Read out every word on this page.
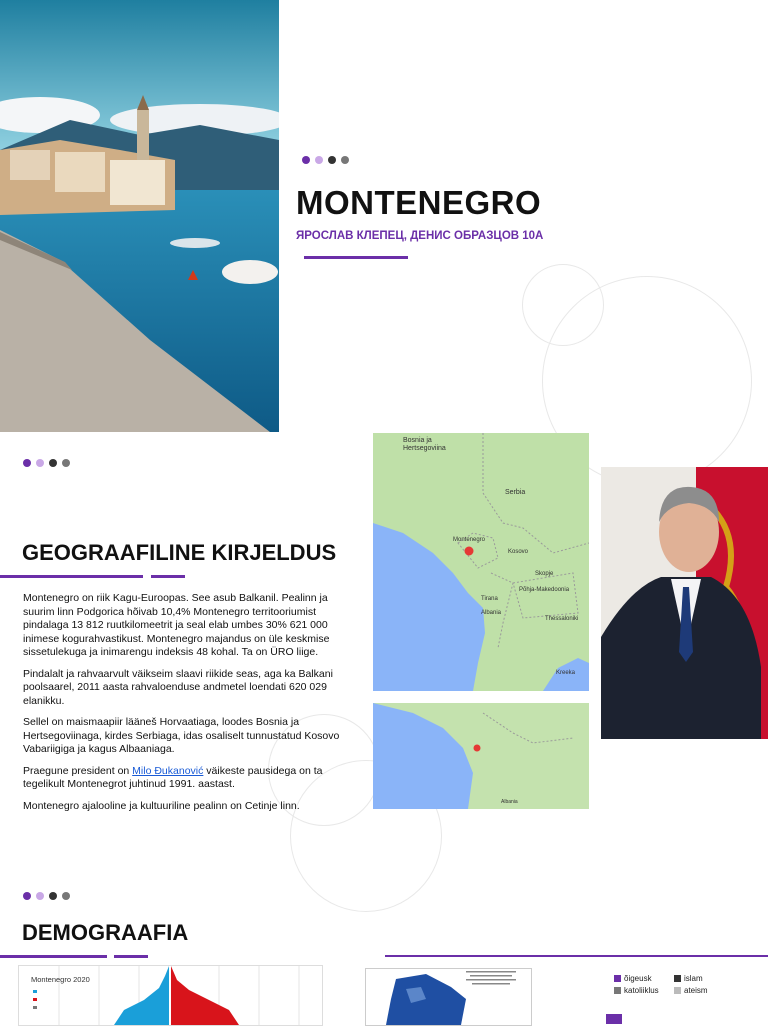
MONTENEGRO
ЯРОСЛАВ КЛЕПЕЦ, ДЕНИС ОБРАЗЦОВ 10А
GEOGRAAFILINE KIRJELDUS

Montenegro on riik Kagu-Euroopas. See asub Balkanil. Pealinn ja suurim linn Podgorica hõivab 10,4% Montenegro territooriumist pindalaga 13 812 ruutkilomeetrit ja seal elab umbes 30% 621 000 inimese kogurahvastikust. Montenegro majandus on üle keskmise sissetulekuga ja inimarengu indeksis 48 kohal. Ta on ÜRO liige.

Pindalalt ja rahvaarvult väikseim slaavi riikide seas, aga ka Balkani poolsaarel, 2011 aasta rahvaloenduse andmetel loendati 620 029 elanikku.

Sellel on maismaapiir lääneš Horvaatiaga, loodes Bosnia ja Hertsegoviinaga, kirdes Serbiaga, idas osaliselt tunnustatud Kosovo Vabariigiga ja kagus Albaaniaga.

Praegune president on Milo Đukanović väikeste pausidega on ta tegelikult Montenegrot juhtinud 1991. aastast.

Montenegro ajalooline ja kultuuriline pealinn on Cetinje linn.

Bosnia ja Hertsegoviina
Serbia
Montenegro
Kosovo
Tirana
Skopje
Põhja-Makedoonia
Albania
Thessaloniki
Kreeka
Albania
DEMOGRAAFIA
Montenegro 2020	õigeusk	islam
katoliiklus	ateism
